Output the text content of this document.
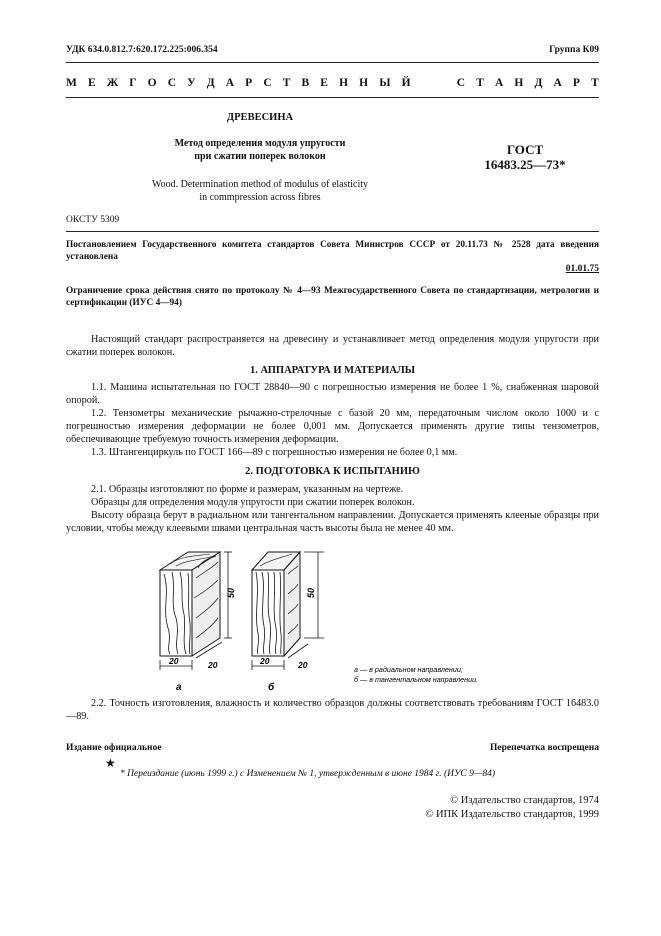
УДК 634.0.812.7:620.172.225:006.354	Группа К09
М Е Ж Г О С У Д А Р С Т В Е Н Н Ы Й	С Т А Н Д А Р Т
ДРЕВЕСИНА
Метод определения модуля упругости
при сжатии поперек волокон
Wood. Determination method of modulus of elasticity
in commpression across fibres
ГОСТ
16483.25—73*
ОКСТУ 5309
Постановлением Государственного комитета стандартов Совета Министров СССР от 20.11.73 № 2528 дата введения установлена
01.01.75
Ограничение срока действия снято по протоколу № 4—93 Межгосударственного Совета по стандартизации, метрологии и сертификации (ИУС 4—94)

Настоящий стандарт распространяется на древесину и устанавливает метод определения модуля упругости при сжатии поперек волокон.

1. АППАРАТУРА И МАТЕРИАЛЫ

1.1. Машина испытательная по ГОСТ 28840—90 с погрешностью измерения не более 1 %, снабженная шаровой опорой.

1.2. Тензометры механические рычажно-стрелочные с базой 20 мм, передаточным числом около 1000 и с погрешностью измерения деформации не более 0,001 мм. Допускается применять другие типы тензометров, обеспечивающие требуемую точность измерения деформации.

1.3. Штангенциркуль по ГОСТ 166—89 с погрешностью измерения не более 0,1 мм.

2. ПОДГОТОВКА К ИСПЫТАНИЮ

2.1. Образцы изготовляют по форме и размерам, указанным на чертеже.

Образцы для определения модуля упругости при сжатии поперек волокон.

Высоту образца берут в радиальном или тангентальном направлении. Допускается применять клееные образцы при условии, чтобы между клеевыми швами центральная часть высоты была не менее 40 мм.

50
20	20
а
50
20	20
б
а — в радиальном направлении;
б — в тангентальном направлении.

2.2. Точность изготовления, влажность и количество образцов должны соответствовать требованиям ГОСТ 16483.0—89.

Издание официальное	Перепечатка воспрещена
★
* Переиздание (июнь 1999 г.) с Изменением № 1, утвержденным в июне 1984 г. (ИУС 9—84)
© Издательство стандартов, 1974
© ИПК Издательство стандартов, 1999
